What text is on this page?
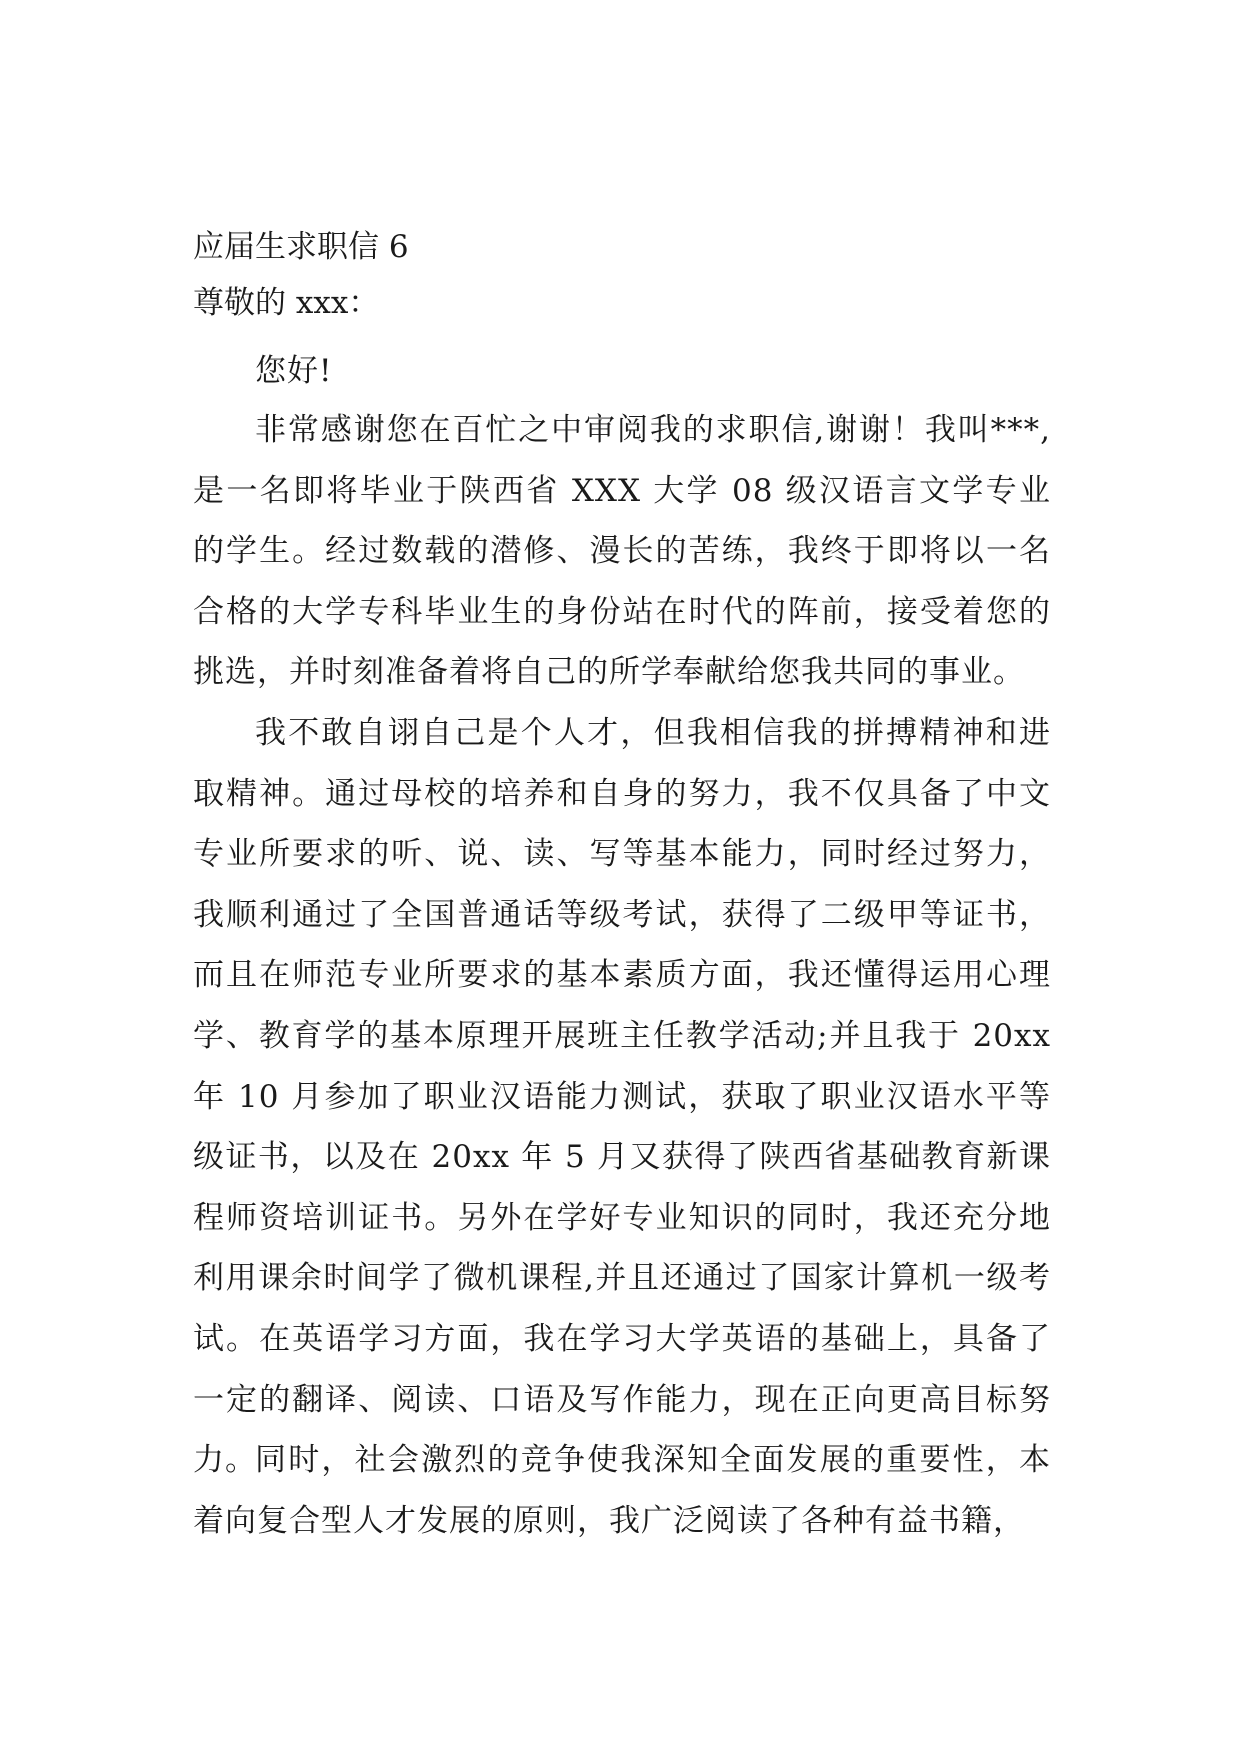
应届生求职信 6
尊敬的 xxx：

您好!

非常感谢您在百忙之中审阅我的求职信,谢谢！我叫***,是一名即将毕业于陕西省 XXX 大学 08 级汉语言文学专业的学生。经过数载的潜修、漫长的苦练，我终于即将以一名合格的大学专科毕业生的身份站在时代的阵前，接受着您的挑选，并时刻准备着将自己的所学奉献给您我共同的事业。

我不敢自诩自己是个人才，但我相信我的拼搏精神和进取精神。通过母校的培养和自身的努力，我不仅具备了中文专业所要求的听、说、读、写等基本能力，同时经过努力，我顺利通过了全国普通话等级考试，获得了二级甲等证书，而且在师范专业所要求的基本素质方面，我还懂得运用心理学、教育学的基本原理开展班主任教学活动;并且我于 20xx 年 10 月参加了职业汉语能力测试，获取了职业汉语水平等级证书，以及在 20xx 年 5 月又获得了陕西省基础教育新课程师资培训证书。另外在学好专业知识的同时，我还充分地利用课余时间学了微机课程,并且还通过了国家计算机一级考试。在英语学习方面，我在学习大学英语的基础上，具备了一定的翻译、阅读、口语及写作能力，现在正向更高目标努力。

同时，社会激烈的竞争使我深知全面发展的重要性，本着向复合型人才发展的原则，我广泛阅读了各种有益书籍，
